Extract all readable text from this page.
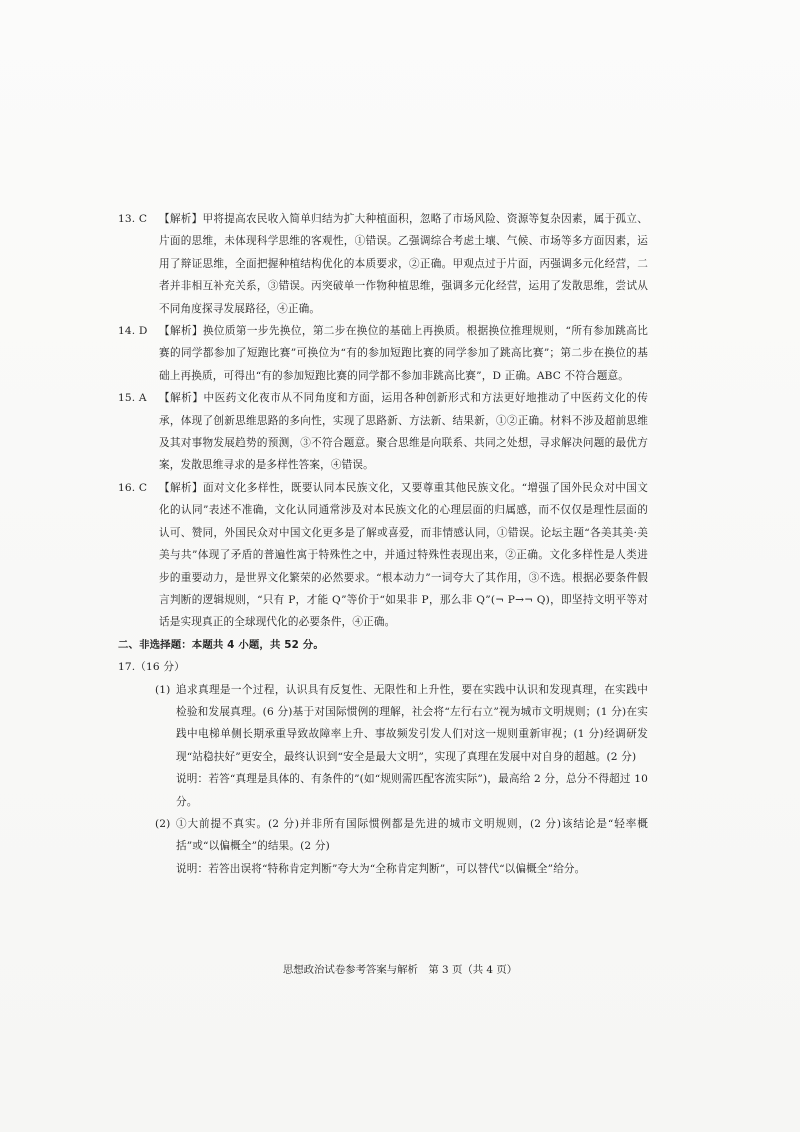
13. C 【解析】甲将提高农民收入简单归结为扩大种植面积，忽略了市场风险、资源等复杂因素，属于孤立、片面的思维，未体现科学思维的客观性，①错误。乙强调综合考虑土壤、气候、市场等多方面因素，运用了辩证思维，全面把握种植结构优化的本质要求，②正确。甲观点过于片面，丙强调多元化经营，二者并非相互补充关系，③错误。丙突破单一作物种植思维，强调多元化经营，运用了发散思维，尝试从不同角度探寻发展路径，④正确。
14. D 【解析】换位质第一步先换位，第二步在换位的基础上再换质。根据换位推理规则，“所有参加跳高比赛的同学都参加了短跑比赛”可换位为“有的参加短跑比赛的同学参加了跳高比赛”；第二步在换位的基础上再换质，可得出“有的参加短跑比赛的同学都不参加非跳高比赛”，D 正确。ABC 不符合题意。
15. A 【解析】中医药文化夜市从不同角度和方面，运用各种创新形式和方法更好地推动了中医药文化的传承，体现了创新思维思路的多向性，实现了思路新、方法新、结果新，①②正确。材料不涉及超前思维及其对事物发展趋势的预测，③不符合题意。聚合思维是向联系、共同之处想，寻求解决问题的最优方案，发散思维寻求的是多样性答案，④错误。
16. C 【解析】面对文化多样性，既要认同本民族文化，又要尊重其他民族文化。“增强了国外民众对中国文化的认同”表述不准确，文化认同通常涉及对本民族文化的心理层面的归属感，而不仅仅是理性层面的认可、赞同，外国民众对中国文化更多是了解或喜爱，而非情感认同，①错误。论坛主题“各美其美·美美与共”体现了矛盾的普遍性寓于特殊性之中，并通过特殊性表现出来，②正确。文化多样性是人类进步的重要动力，是世界文化繁荣的必然要求。“根本动力”一词夸大了其作用，③不选。根据必要条件假言判断的逻辑规则，“只有 P，才能 Q”等价于“如果非 P，那么非 Q”(¬ P→¬ Q)，即坚持文明平等对话是实现真正的全球现代化的必要条件，④正确。
二、非选择题：本题共 4 小题，共 52 分。
17.（16 分）
(1) 追求真理是一个过程，认识具有反复性、无限性和上升性，要在实践中认识和发现真理，在实践中检验和发展真理。(6 分)基于对国际惯例的理解，社会将“左行右立”视为城市文明规则；(1 分)在实践中电梯单侧长期承重导致故障率上升、事故频发引发人们对这一规则重新审视；(1 分)经调研发现“站稳扶好”更安全，最终认识到“安全是最大文明”，实现了真理在发展中对自身的超越。(2 分)
说明：若答“真理是具体的、有条件的”(如“规则需匹配客流实际”)，最高给 2 分，总分不得超过 10 分。
(2) ①大前提不真实。(2 分)并非所有国际惯例都是先进的城市文明规则，(2 分)该结论是“轻率概括”或“以偏概全”的结果。(2 分)
说明：若答出误将“特称肯定判断”夸大为“全称肯定判断”，可以替代“以偏概全”给分。
思想政治试卷参考答案与解析　第 3 页（共 4 页）
